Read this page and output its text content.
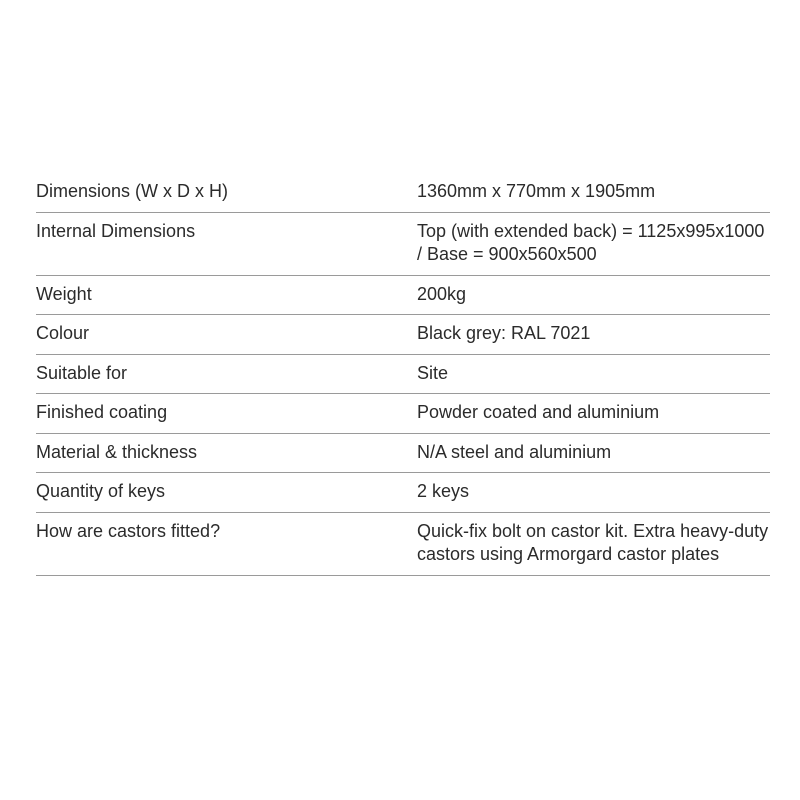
Dimensions (W x D x H)	1360mm x 770mm x 1905mm
Internal Dimensions	Top (with extended back) = 1125x995x1000 / Base = 900x560x500
Weight	200kg
Colour	Black grey: RAL 7021
Suitable for	Site
Finished coating	Powder coated and aluminium
Material & thickness	N/A steel and aluminium
Quantity of keys	2 keys
How are castors fitted?	Quick-fix bolt on castor kit. Extra heavy-duty castors using Armorgard castor plates
